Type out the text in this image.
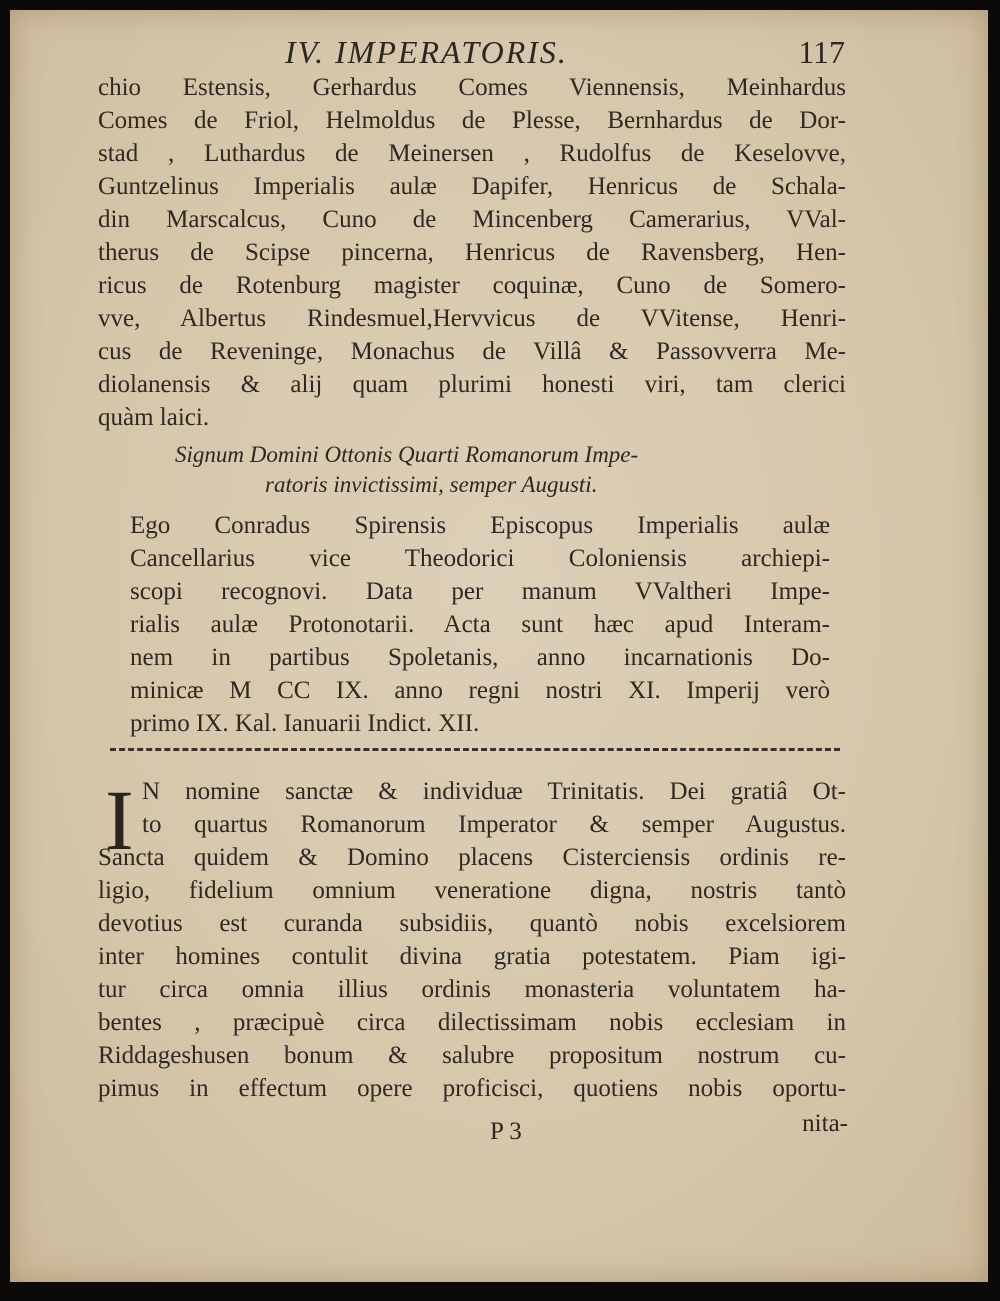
IV. IMPERATORIS.	117
chio Estensis, Gerhardus Comes Viennensis, Meinhardus
Comes de Friol, Helmoldus de Plesse, Bernhardus de Dor-
stad , Luthardus de Meinersen , Rudolfus de Keselovve,
Guntzelinus Imperialis aulæ Dapifer, Henricus de Schala-
din Marscalcus, Cuno de Mincenberg Camerarius, VVal-
therus de Scipse pincerna, Henricus de Ravensberg, Hen-
ricus de Rotenburg magister coquinæ, Cuno de Somero-
vve, Albertus Rindesmuel,Hervvicus de VVitense, Henri-
cus de Reveninge, Monachus de Villâ & Passovverra Me-
diolanensis & alij quam plurimi honesti viri, tam clerici
quàm laici.
Signum Domini Ottonis Quarti Romanorum Impe-
ratoris invictissimi, semper Augusti.
Ego Conradus Spirensis Episcopus Imperialis aulæ
Cancellarius vice Theodorici Coloniensis archiepi-
scopi recognovi. Data per manum VValtheri Impe-
rialis aulæ Protonotarii. Acta sunt hæc apud Interam-
nem in partibus Spoletanis, anno incarnationis Do-
minicæ M CC IX. anno regni nostri XI. Imperij verò
primo IX. Kal. Ianuarii Indict. XII.
I N nomine sanctæ & individuæ Trinitatis. Dei gratiâ Ot-
to quartus Romanorum Imperator & semper Augustus.
Sancta quidem & Domino placens Cisterciensis ordinis re-
ligio, fidelium omnium veneratione digna, nostris tantò
devotius est curanda subsidiis, quantò nobis excelsiorem
inter homines contulit divina gratia potestatem. Piam igi-
tur circa omnia illius ordinis monasteria voluntatem ha-
bentes , præcipuè circa dilectissimam nobis ecclesiam in
Riddageshusen bonum & salubre propositum nostrum cu-
pimus in effectum opere proficisci, quotiens nobis oportu-
P 3	nita-
